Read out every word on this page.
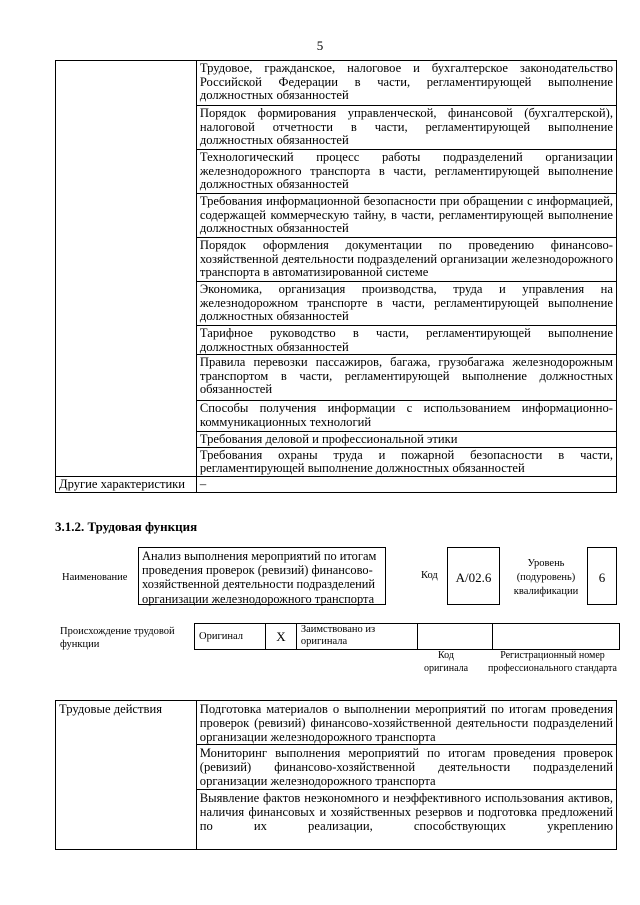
5
	Трудовое, гражданское, налоговое и бухгалтерское законодательство Российской Федерации в части, регламентирующей выполнение должностных обязанностей
	Порядок формирования управленческой, финансовой (бухгалтерской), налоговой отчетности в части, регламентирующей выполнение должностных обязанностей
	Технологический процесс работы подразделений организации железнодорожного транспорта в части, регламентирующей выполнение должностных обязанностей
	Требования информационной безопасности при обращении с информацией, содержащей коммерческую тайну, в части, регламентирующей выполнение должностных обязанностей
	Порядок оформления документации по проведению финансово-хозяйственной деятельности подразделений организации железнодорожного транспорта в автоматизированной системе
	Экономика, организация производства, труда и управления на железнодорожном транспорте в части, регламентирующей выполнение должностных обязанностей
	Тарифное руководство в части, регламентирующей выполнение должностных обязанностей
	Правила перевозки пассажиров, багажа, грузобагажа железнодорожным транспортом в части, регламентирующей выполнение должностных обязанностей
	Способы получения информации с использованием информационно-коммуникационных технологий
	Требования деловой и профессиональной этики
	Требования охраны труда и пожарной безопасности в части, регламентирующей выполнение должностных обязанностей
Другие характеристики	–
3.1.2. Трудовая функция
Наименование
Анализ выполнения мероприятий по итогам проведения проверок (ревизий) финансово-хозяйственной деятельности подразделений организации железнодорожного транспорта
Код	А/02.6
Уровень (подуровень) квалификации
6
Происхождение трудовой функции
Оригинал	X	Заимствовано из оригинала		
Код оригинала
Регистрационный номер профессионального стандарта
Трудовые действия	Подготовка материалов о выполнении мероприятий по итогам проведения проверок (ревизий) финансово-хозяйственной деятельности подразделений организации железнодорожного транспорта
Мониторинг выполнения мероприятий по итогам проведения проверок (ревизий) финансово-хозяйственной деятельности подразделений организации железнодорожного транспорта
Выявление фактов неэкономного и неэффективного использования активов, наличия финансовых и хозяйственных резервов и подготовка предложений по их реализации, способствующих укреплению
